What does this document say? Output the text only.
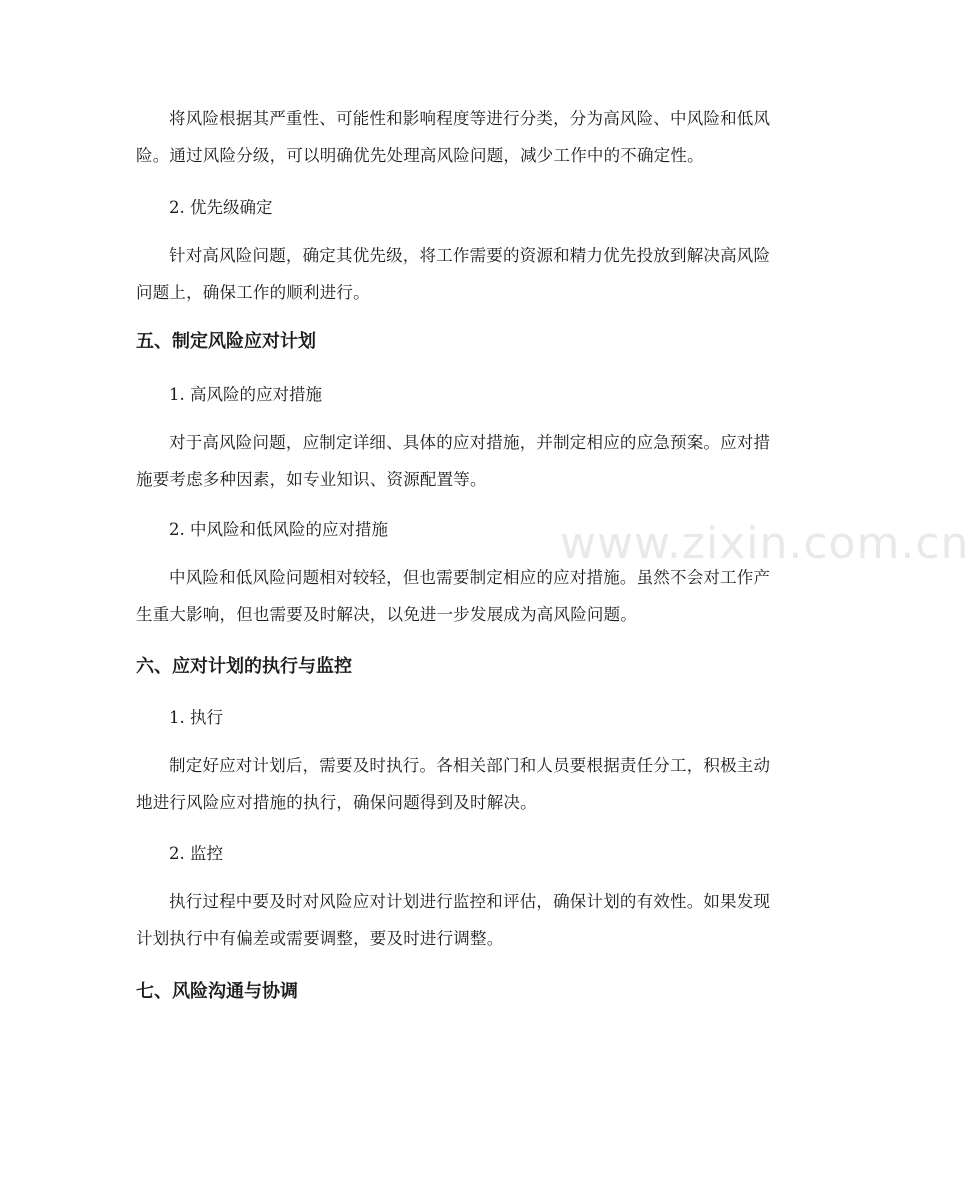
www.zixin.com.cn

将风险根据其严重性、可能性和影响程度等进行分类，分为高风险、中风险和低风险。通过风险分级，可以明确优先处理高风险问题，减少工作中的不确定性。

2. 优先级确定

针对高风险问题，确定其优先级，将工作需要的资源和精力优先投放到解决高风险问题上，确保工作的顺利进行。

五、制定风险应对计划

1. 高风险的应对措施

对于高风险问题，应制定详细、具体的应对措施，并制定相应的应急预案。应对措施要考虑多种因素，如专业知识、资源配置等。

2. 中风险和低风险的应对措施

中风险和低风险问题相对较轻，但也需要制定相应的应对措施。虽然不会对工作产生重大影响，但也需要及时解决，以免进一步发展成为高风险问题。

六、应对计划的执行与监控

1. 执行

制定好应对计划后，需要及时执行。各相关部门和人员要根据责任分工，积极主动地进行风险应对措施的执行，确保问题得到及时解决。

2. 监控

执行过程中要及时对风险应对计划进行监控和评估，确保计划的有效性。如果发现计划执行中有偏差或需要调整，要及时进行调整。

七、风险沟通与协调
